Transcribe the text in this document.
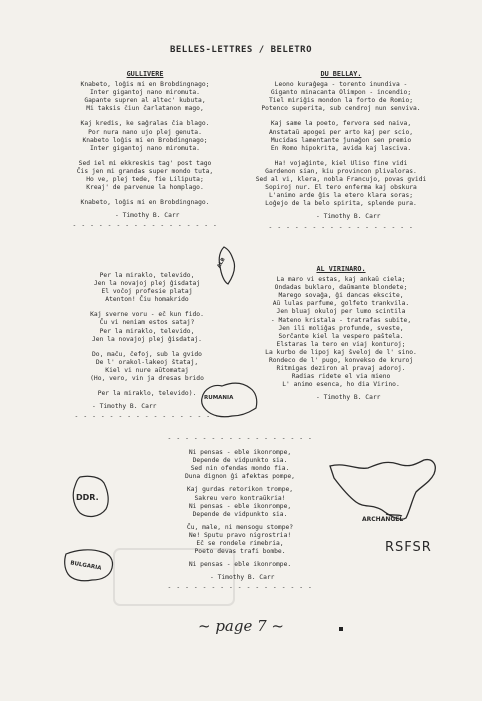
BELLES-LETTRES / BELETRO
GULLIVERE
Knabeto, loĝis mi en Brobdingnago;
Inter gigantoj nano miromuta.
Gapante supren al altec' kubuta,
Mi taksis ĉiun ĉarlatanon mago,
Kaj kredis, ke saĝralas ĉia blago.
Por nura nano ujo plej genuta.
Knabeto loĝis mi en Brobdingnago;
Inter gigantoj nano miromuta.
Sed iel mi ekkreskis tag' post tago
Ĉis jen mi grandas super mondo tuta,
Ho ve, plej tede, fie Liliputa;
Kreaj' de parvenue la homplago.
Knabeto, loĝis mi en Brobdingnago.
- Timothy B. Carr
- - - - - - - - - - - - - - - - -
Per la miraklo, televido,
Jen la novajoj plej ĝisdataj
El voĉoj profesie plataj
Atenton! Ĉiu homakrido
Kaj sverne voru - eĉ kun fido.
Ĉu vi neniam estos sataj?
Per la miraklo, televido,
Jen la novajoj plej ĝisdataj.
Do, maĉu, ĉefoj, sub la gvido
De l' orakol-lakeoj ŝtataj,
Kiel vi nure aŭtomataj
(Ho, vero, vin ja dresas brido
Per la miraklo, televido).
- Timothy B. Carr
- - - - - - - - - - - - - - - - -
DU BELLAY.
Leono kuraĝega - torento inundiva -
Giganto minacanta Olimpon - incendio;
Tiel miriĝis mondon la forto de Romio;
Potenco superita, sub cendroj nun senviva.
Kaj same la poeto, fervora sed naiva,
Anstataŭ apogei per arto kaj per scio,
Mucidas lamentante ĵunaĝon sen premio
En Romo hipokrita, avida kaj lasciva.
Ha! vojaĝinte, kiel Uliso fine vidi
Gardenon sian, kiu provincon plivaloras.
Sed al vi, klera, nobla Francujo, povas gvidi
Sopiroj nur. El tero enferma kaj obskura
L'animo arde ĝis la etero klara soras;
Loĝejo de la belo spirita, splende pura.
- Timothy B. Carr
- - - - - - - - - - - - - - - - -
AL VIRINARO.
La maro vi estas, kaj ankaŭ ciela;
Ondadas buklaro, daŭmante blondete;
Marego sovaĝa, ĝi dancas ekscite,
Aŭ lulas parfume, golfeto trankvila.
Jen bluaj okuloj per lumo scintila
- Mateno kristala - tratrafas subite,
Jen ili moliĝas profunde, sveste,
Sorĉante kiel la vespero paŝtela.
Elstaras la tero en viaj konturoj;
La kurbo de lipoj kaj ŝveloj de l' sino.
Rondeco de l' pugo, konvekso de kruroj
Ritmigas deziron al pravaj adoroj.
Radias ridete el via mieno
L' animo esenca, ho dia Virino.
- Timothy B. Carr
- - - - - - - - - - - - - - - - -
Ni pensas - eble ikonrompe,
Depende de vidpunkto sia.
Sed nin ofendas mondo fia.
Duna dignon ĝi afektas pompe,
Kaj gurdas retorikon trompe,
Sakreu vero kontraŭkria!
Ni pensas - eble ikonrompe,
Depende de vidpunkto sia.
Ĉu, male, ni mensogu stompe?
Ne! Sputu pravo nigrostria!
Eĉ se rondele rimebria,
Poeto devas trafi bombe.
Ni pensas - eble ikonrompe.
- Timothy B. Carr
- - - - - - - - - - - - - - - - -
ALB
RUMANIA
DDR.
BULGARIA
ARCHANGEL
RSFSR
~ page 7 ~
